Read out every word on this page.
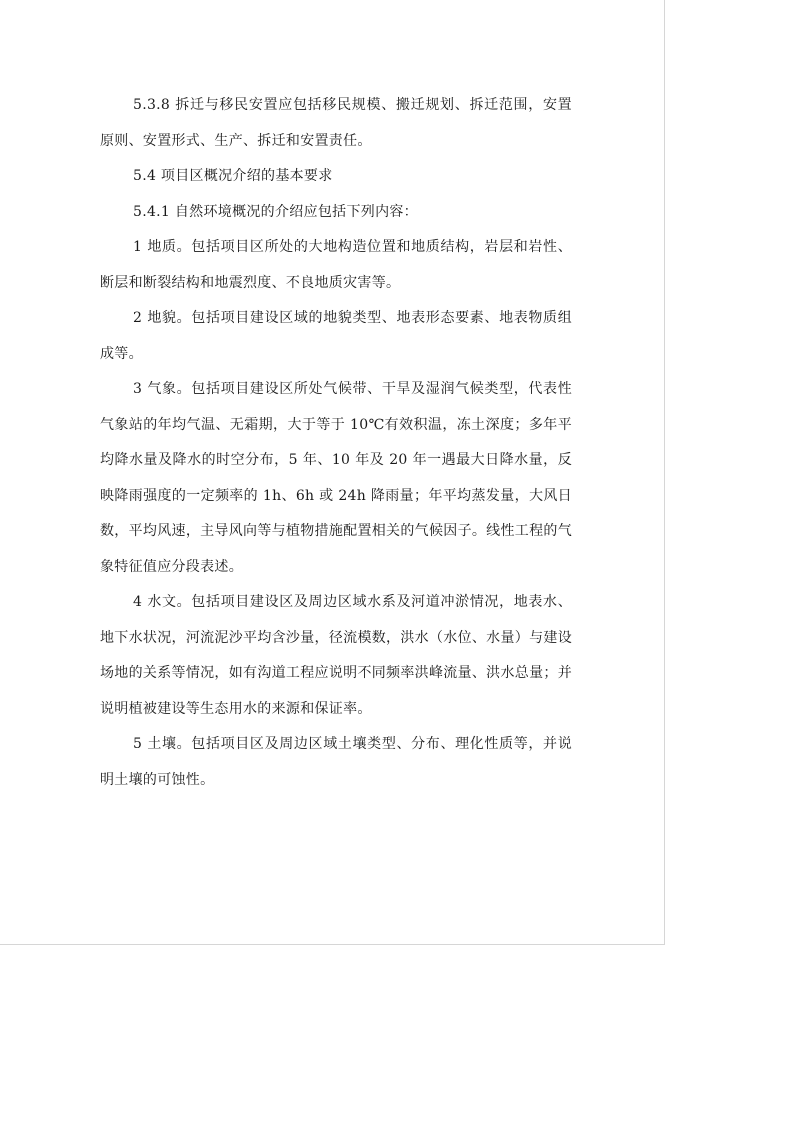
5.3.8 拆迁与移民安置应包括移民规模、搬迁规划、拆迁范围，安置原则、安置形式、生产、拆迁和安置责任。

5.4 项目区概况介绍的基本要求

5.4.1 自然环境概况的介绍应包括下列内容：

1 地质。包括项目区所处的大地构造位置和地质结构，岩层和岩性、断层和断裂结构和地震烈度、不良地质灾害等。

2 地貌。包括项目建设区域的地貌类型、地表形态要素、地表物质组成等。

3 气象。包括项目建设区所处气候带、干旱及湿润气候类型，代表性气象站的年均气温、无霜期，大于等于 10℃有效积温，冻土深度；多年平均降水量及降水的时空分布，5 年、10 年及 20 年一遇最大日降水量，反映降雨强度的一定频率的 1h、6h 或 24h 降雨量；年平均蒸发量，大风日数，平均风速，主导风向等与植物措施配置相关的气候因子。线性工程的气象特征值应分段表述。

4 水文。包括项目建设区及周边区域水系及河道冲淤情况，地表水、地下水状况，河流泥沙平均含沙量，径流模数，洪水（水位、水量）与建设场地的关系等情况，如有沟道工程应说明不同频率洪峰流量、洪水总量；并说明植被建设等生态用水的来源和保证率。

5 土壤。包括项目区及周边区域土壤类型、分布、理化性质等，并说明土壤的可蚀性。
